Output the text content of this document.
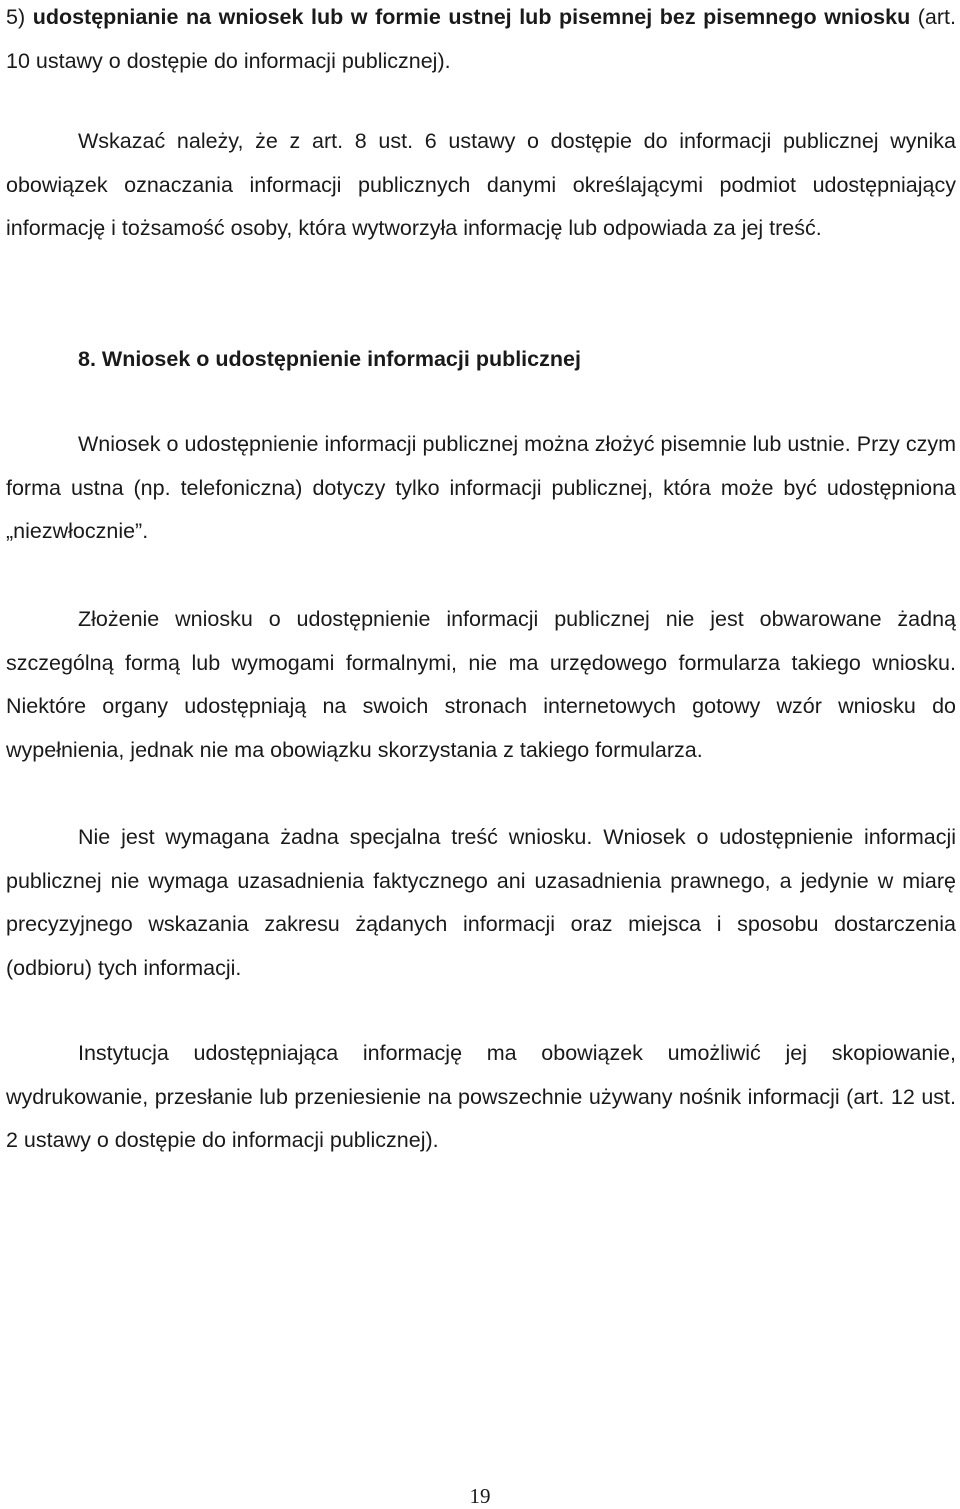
5) udostępnianie na wniosek lub w formie ustnej lub pisemnej bez pisemnego wniosku (art. 10 ustawy o dostępie do informacji publicznej).

Wskazać należy, że z art. 8 ust. 6 ustawy o dostępie do informacji publicznej wynika obowiązek oznaczania informacji publicznych danymi określającymi podmiot udostępniający informację i tożsamość osoby, która wytworzyła informację lub odpowiada za jej treść.

8. Wniosek o udostępnienie informacji publicznej

Wniosek o udostępnienie informacji publicznej można złożyć pisemnie lub ustnie. Przy czym forma ustna (np. telefoniczna) dotyczy tylko informacji publicznej, która może być udostępniona „niezwłocznie”.

Złożenie wniosku o udostępnienie informacji publicznej nie jest obwarowane żadną szczególną formą lub wymogami formalnymi, nie ma urzędowego formularza takiego wniosku. Niektóre organy udostępniają na swoich stronach internetowych gotowy wzór wniosku do wypełnienia, jednak nie ma obowiązku skorzystania z takiego formularza.

Nie jest wymagana żadna specjalna treść wniosku. Wniosek o udostępnienie informacji publicznej nie wymaga uzasadnienia faktycznego ani uzasadnienia prawnego, a jedynie w miarę precyzyjnego wskazania zakresu żądanych informacji oraz miejsca i sposobu dostarczenia (odbioru) tych informacji.

Instytucja udostępniająca informację ma obowiązek umożliwić jej skopiowanie, wydrukowanie, przesłanie lub przeniesienie na powszechnie używany nośnik informacji (art. 12 ust. 2 ustawy o dostępie do informacji publicznej).

19
